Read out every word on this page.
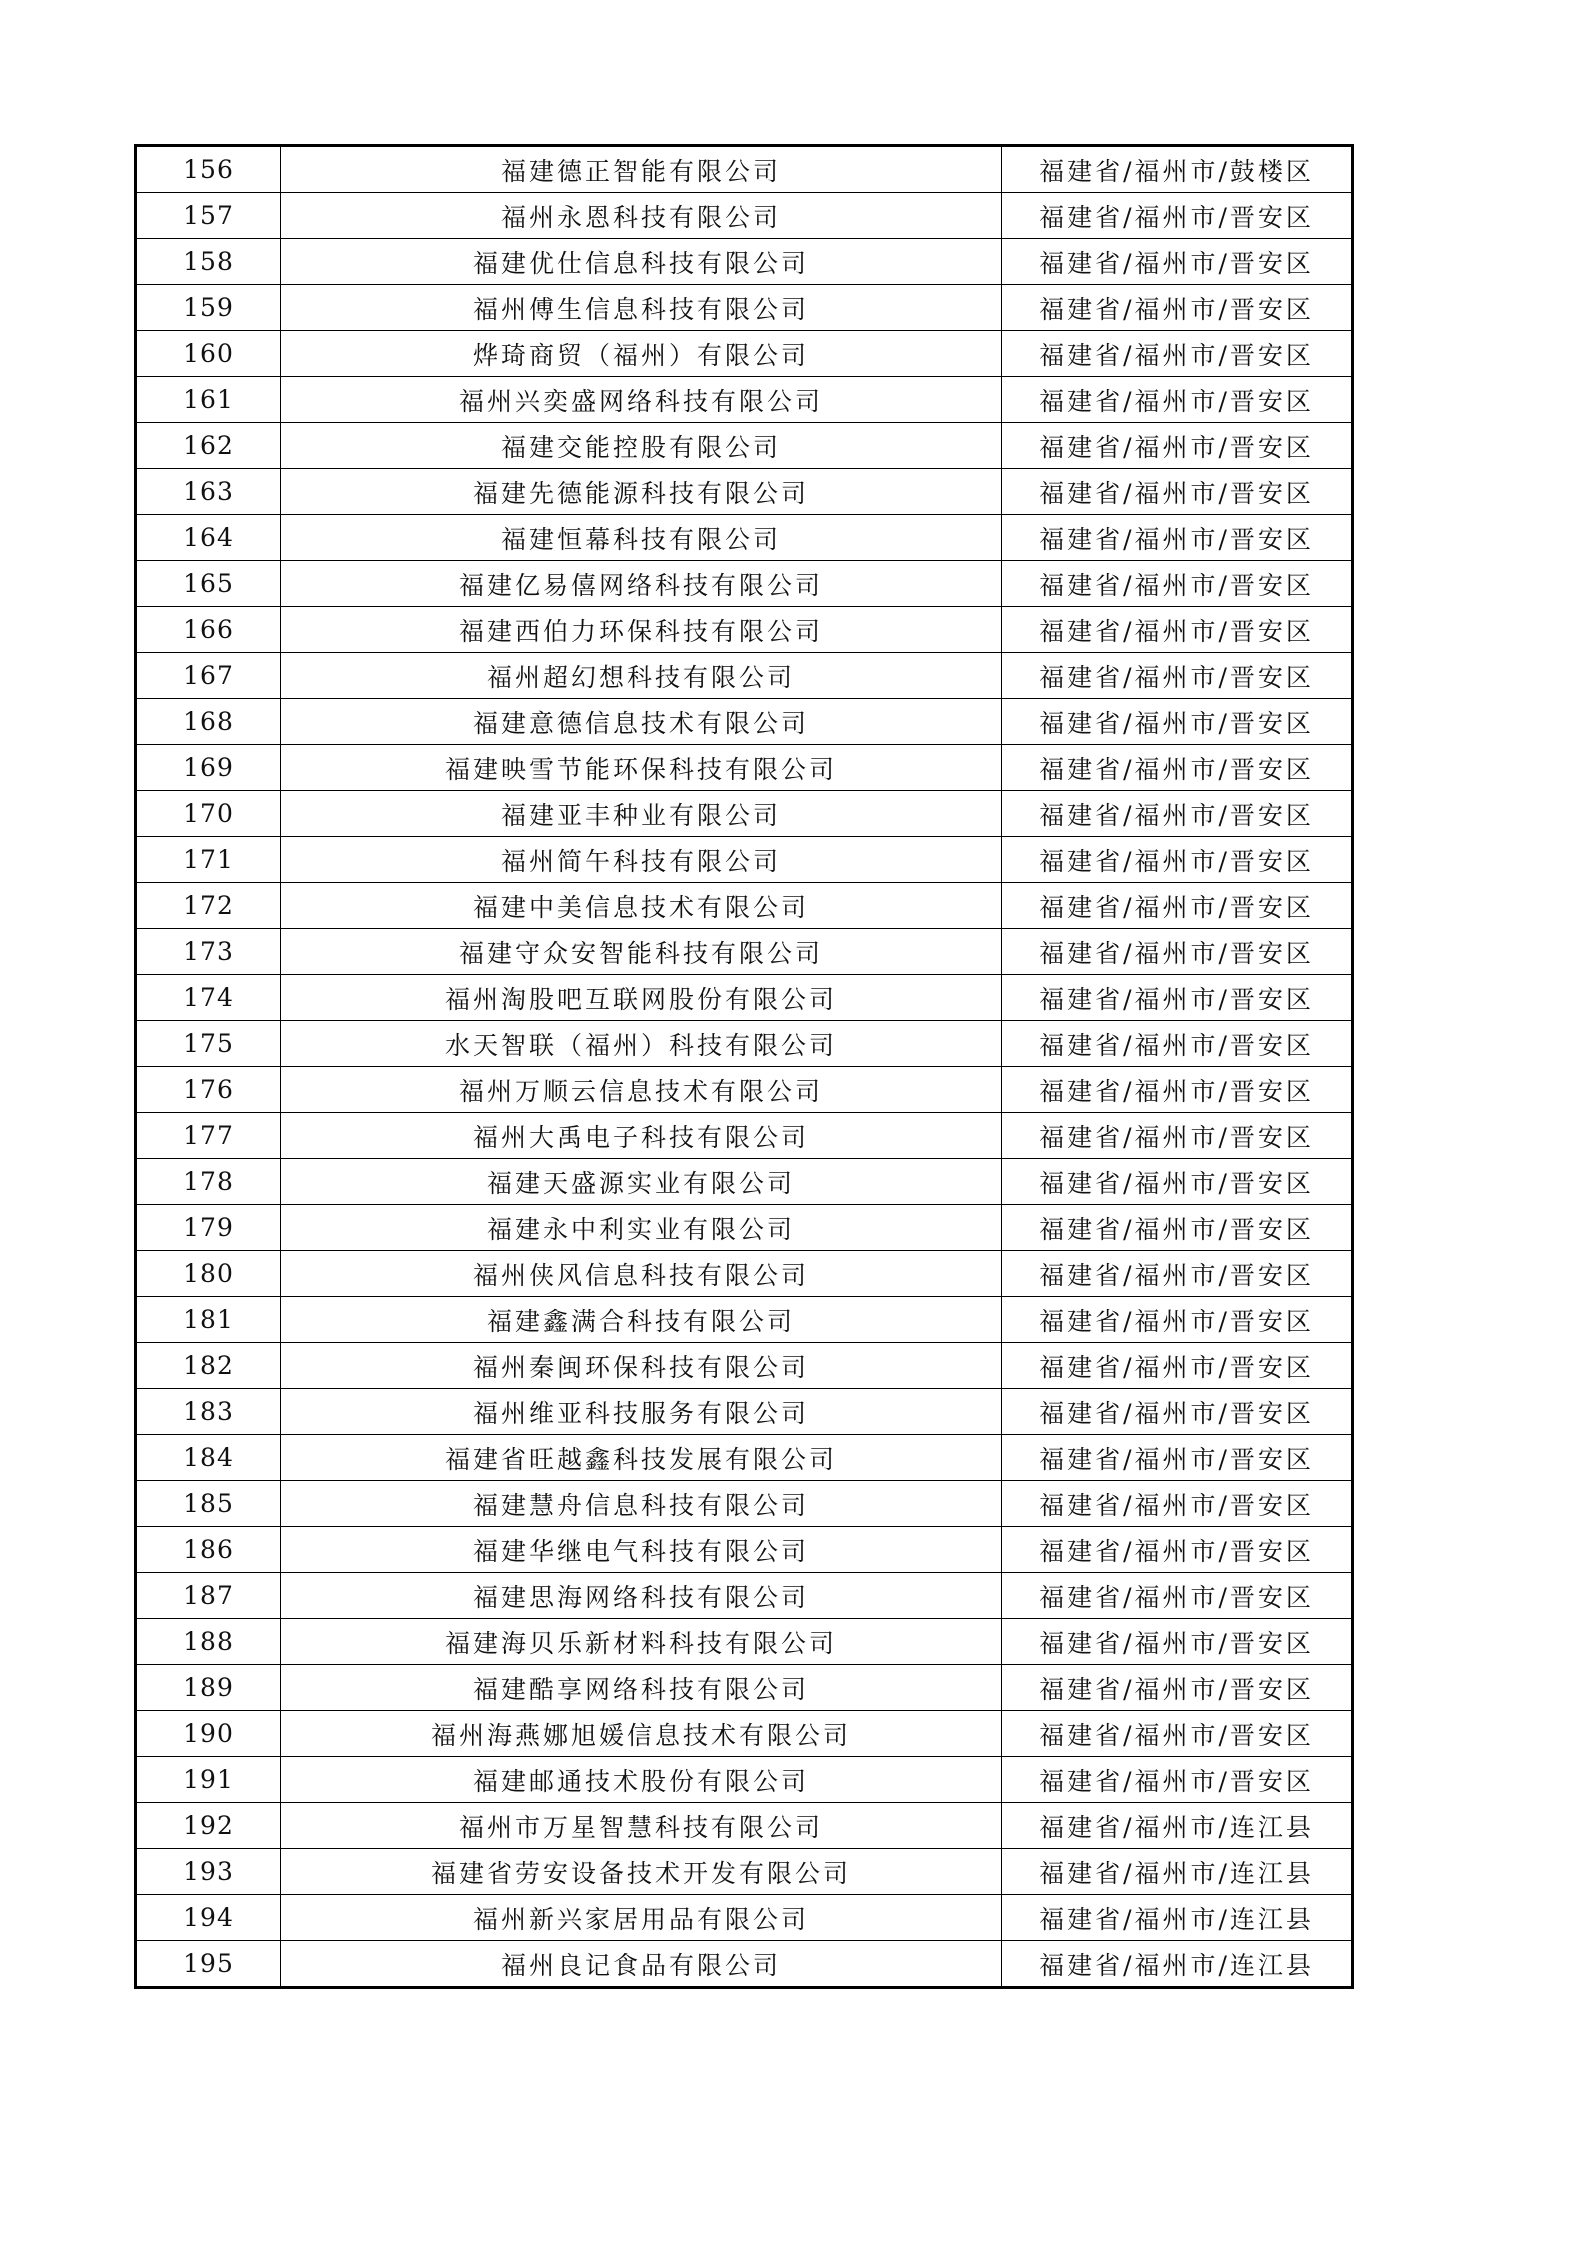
156	福建德正智能有限公司	福建省/福州市/鼓楼区
157	福州永恩科技有限公司	福建省/福州市/晋安区
158	福建优仕信息科技有限公司	福建省/福州市/晋安区
159	福州傅生信息科技有限公司	福建省/福州市/晋安区
160	烨琦商贸（福州）有限公司	福建省/福州市/晋安区
161	福州兴奕盛网络科技有限公司	福建省/福州市/晋安区
162	福建交能控股有限公司	福建省/福州市/晋安区
163	福建先德能源科技有限公司	福建省/福州市/晋安区
164	福建恒幕科技有限公司	福建省/福州市/晋安区
165	福建亿易僖网络科技有限公司	福建省/福州市/晋安区
166	福建西伯力环保科技有限公司	福建省/福州市/晋安区
167	福州超幻想科技有限公司	福建省/福州市/晋安区
168	福建意德信息技术有限公司	福建省/福州市/晋安区
169	福建映雪节能环保科技有限公司	福建省/福州市/晋安区
170	福建亚丰种业有限公司	福建省/福州市/晋安区
171	福州简午科技有限公司	福建省/福州市/晋安区
172	福建中美信息技术有限公司	福建省/福州市/晋安区
173	福建守众安智能科技有限公司	福建省/福州市/晋安区
174	福州淘股吧互联网股份有限公司	福建省/福州市/晋安区
175	水天智联（福州）科技有限公司	福建省/福州市/晋安区
176	福州万顺云信息技术有限公司	福建省/福州市/晋安区
177	福州大禹电子科技有限公司	福建省/福州市/晋安区
178	福建天盛源实业有限公司	福建省/福州市/晋安区
179	福建永中利实业有限公司	福建省/福州市/晋安区
180	福州侠风信息科技有限公司	福建省/福州市/晋安区
181	福建鑫满合科技有限公司	福建省/福州市/晋安区
182	福州秦闽环保科技有限公司	福建省/福州市/晋安区
183	福州维亚科技服务有限公司	福建省/福州市/晋安区
184	福建省旺越鑫科技发展有限公司	福建省/福州市/晋安区
185	福建慧舟信息科技有限公司	福建省/福州市/晋安区
186	福建华继电气科技有限公司	福建省/福州市/晋安区
187	福建思海网络科技有限公司	福建省/福州市/晋安区
188	福建海贝乐新材料科技有限公司	福建省/福州市/晋安区
189	福建酷享网络科技有限公司	福建省/福州市/晋安区
190	福州海燕娜旭媛信息技术有限公司	福建省/福州市/晋安区
191	福建邮通技术股份有限公司	福建省/福州市/晋安区
192	福州市万星智慧科技有限公司	福建省/福州市/连江县
193	福建省劳安设备技术开发有限公司	福建省/福州市/连江县
194	福州新兴家居用品有限公司	福建省/福州市/连江县
195	福州良记食品有限公司	福建省/福州市/连江县
